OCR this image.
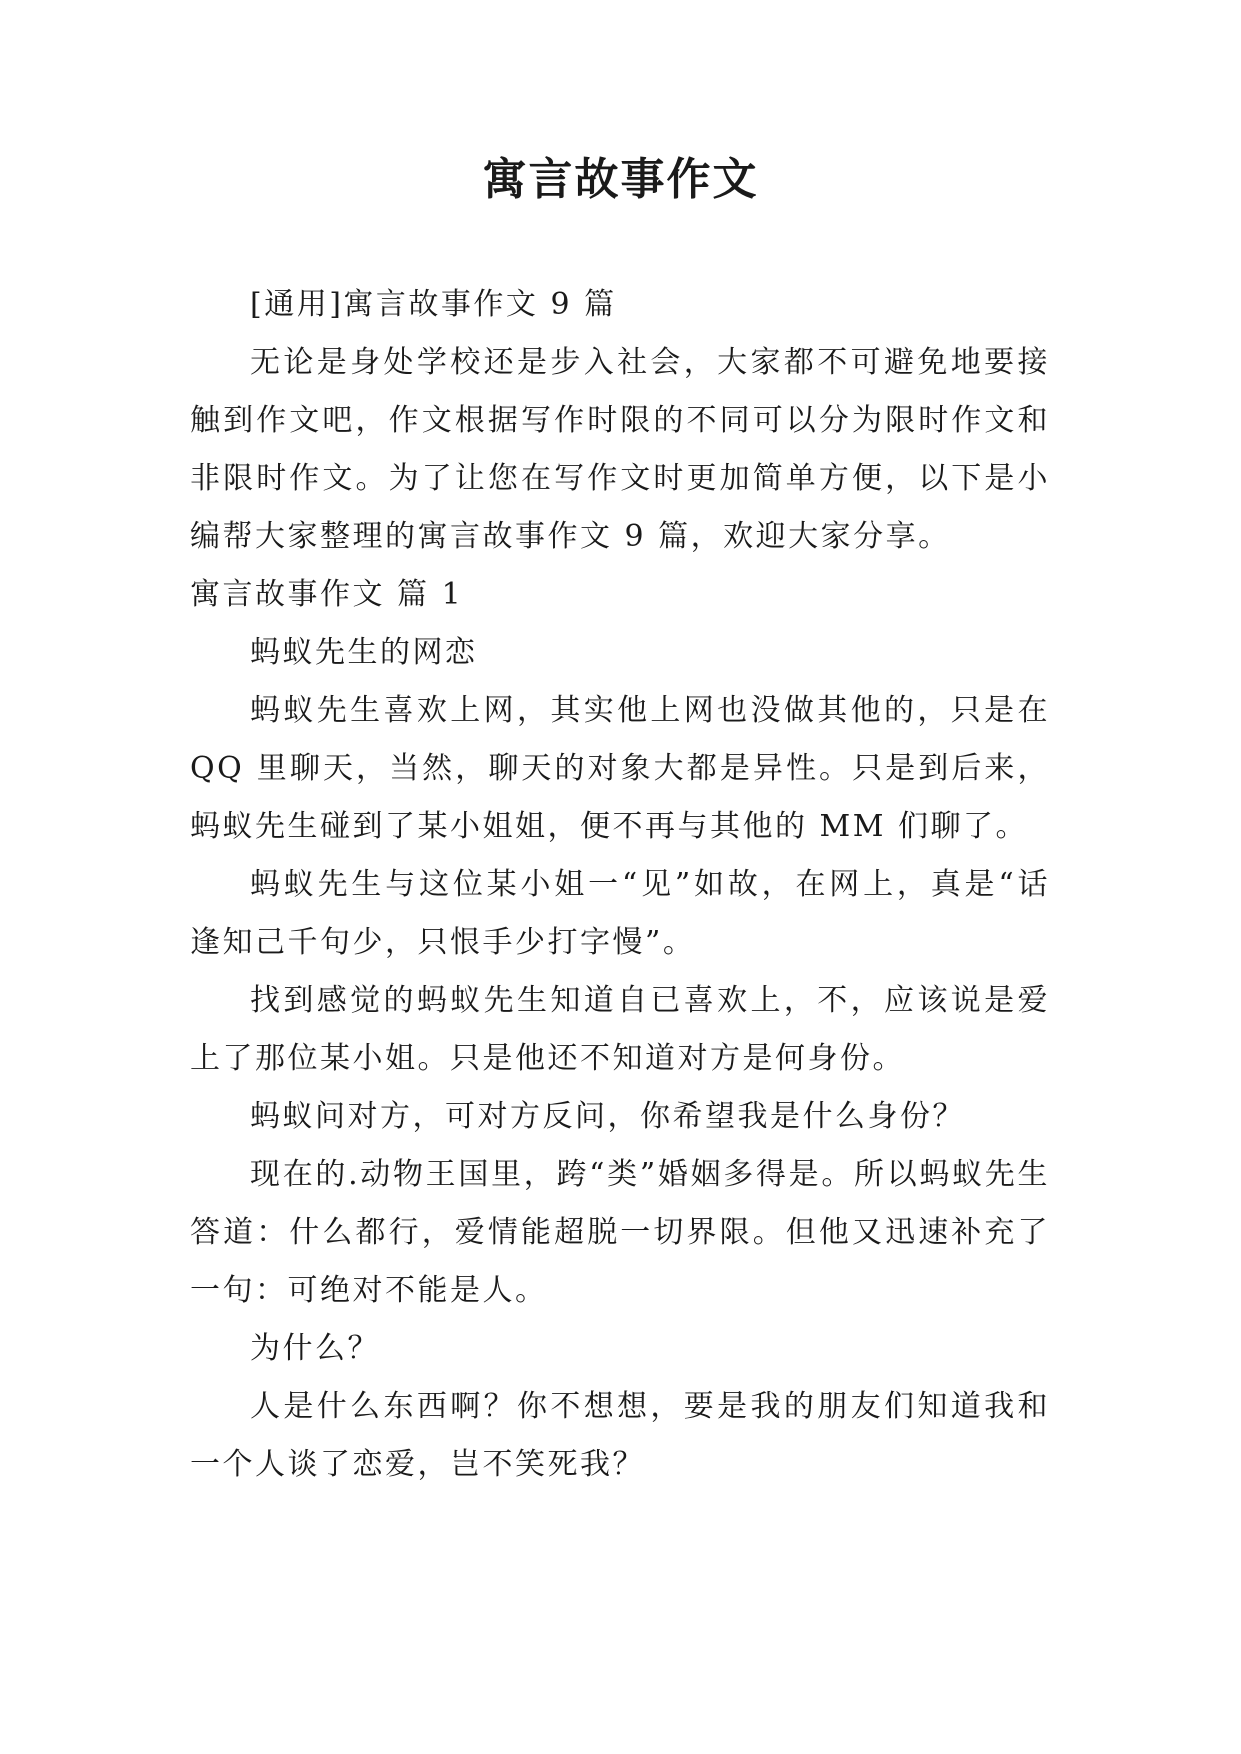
寓言故事作文

[通用]寓言故事作文 9 篇

无论是身处学校还是步入社会，大家都不可避免地要接触到作文吧，作文根据写作时限的不同可以分为限时作文和非限时作文。为了让您在写作文时更加简单方便，以下是小编帮大家整理的寓言故事作文 9 篇，欢迎大家分享。

寓言故事作文 篇 1

蚂蚁先生的网恋

蚂蚁先生喜欢上网，其实他上网也没做其他的，只是在 QQ 里聊天，当然，聊天的对象大都是异性。只是到后来，蚂蚁先生碰到了某小姐姐，便不再与其他的 MM 们聊了。

蚂蚁先生与这位某小姐一“见”如故，在网上，真是“话逢知己千句少，只恨手少打字慢”。

找到感觉的蚂蚁先生知道自已喜欢上，不，应该说是爱上了那位某小姐。只是他还不知道对方是何身份。

蚂蚁问对方，可对方反问，你希望我是什么身份？

现在的.动物王国里，跨“类”婚姻多得是。所以蚂蚁先生答道：什么都行，爱情能超脱一切界限。但他又迅速补充了一句：可绝对不能是人。

为什么？

人是什么东西啊？你不想想，要是我的朋友们知道我和一个人谈了恋爱，岂不笑死我？
